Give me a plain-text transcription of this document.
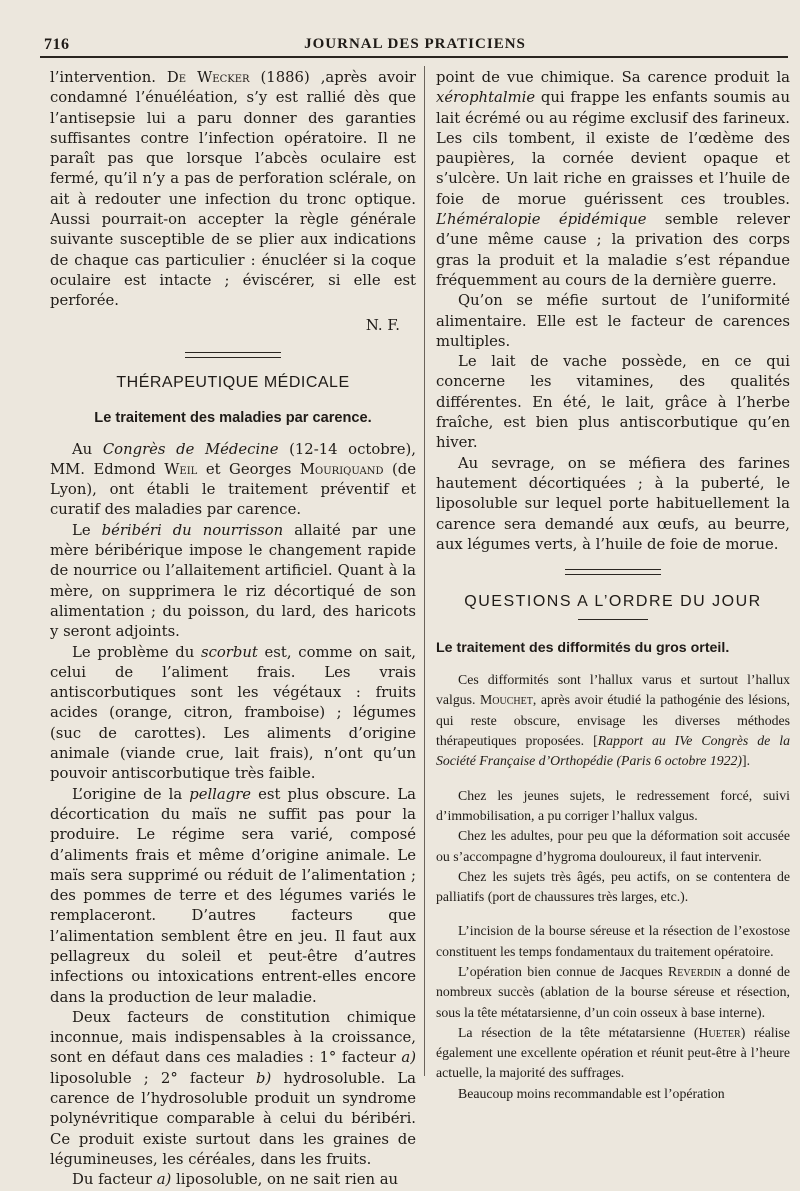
716	JOURNAL DES PRATICIENS

l’intervention. De Wecker (1886) ,après avoir condamné l’énuéléation, s’y est rallié dès que l’antisepsie lui a paru donner des garanties suffisantes contre l’infection opératoire. Il ne paraît pas que lorsque l’abcès oculaire est fermé, qu’il n’y a pas de perforation sclérale, on ait à redouter une infection du tronc optique. Aussi pourrait-on accepter la règle générale suivante susceptible de se plier aux indications de chaque cas particulier : énucléer si la coque oculaire est intacte ; éviscérer, si elle est perforée.

N. F.
THÉRAPEUTIQUE MÉDICALE
Le traitement des maladies par carence.

Au Congrès de Médecine (12-14 octobre), MM. Edmond Weil et Georges Mouriquand (de Lyon), ont établi le traitement préventif et curatif des maladies par carence.

Le béribéri du nourrisson allaité par une mère béribérique impose le changement rapide de nourrice ou l’allaitement artificiel. Quant à la mère, on supprimera le riz décortiqué de son alimentation ; du poisson, du lard, des haricots y seront adjoints.

Le problème du scorbut est, comme on sait, celui de l’aliment frais. Les vrais antiscorbutiques sont les végétaux : fruits acides (orange, citron, framboise) ; légumes (suc de carottes). Les aliments d’origine animale (viande crue, lait frais), n’ont qu’un pouvoir antiscorbutique très faible.

L’origine de la pellagre est plus obscure. La décortication du maïs ne suffit pas pour la produire. Le régime sera varié, composé d’aliments frais et même d’origine animale. Le maïs sera supprimé ou réduit de l’alimentation ; des pommes de terre et des légumes variés le remplaceront. D’autres facteurs que l’alimentation semblent être en jeu. Il faut aux pellagreux du soleil et peut-être d’autres infections ou intoxications entrent-elles encore dans la production de leur maladie.

Deux facteurs de constitution chimique inconnue, mais indispensables à la croissance, sont en défaut dans ces maladies : 1° facteur a) liposoluble ; 2° facteur b) hydrosoluble. La carence de l’hydrosoluble produit un syndrome polynévritique comparable à celui du béribéri. Ce produit existe surtout dans les graines de légumineuses, les céréales, dans les fruits.

Du facteur a) liposoluble, on ne sait rien au

point de vue chimique. Sa carence produit la xérophtalmie qui frappe les enfants soumis au lait écrémé ou au régime exclusif des farineux. Les cils tombent, il existe de l’œdème des paupières, la cornée devient opaque et s’ulcère. Un lait riche en graisses et l’huile de foie de morue guérissent ces troubles. L’héméralopie épidémique semble relever d’une même cause ; la privation des corps gras la produit et la maladie s’est répandue fréquemment au cours de la dernière guerre.

Qu’on se méfie surtout de l’uniformité alimentaire. Elle est le facteur de carences multiples.

Le lait de vache possède, en ce qui concerne les vitamines, des qualités différentes. En été, le lait, grâce à l’herbe fraîche, est bien plus antiscorbutique qu’en hiver.

Au sevrage, on se méfiera des farines hautement décortiquées ; à la puberté, le liposoluble sur lequel porte habituellement la carence sera demandé aux œufs, au beurre, aux légumes verts, à l’huile de foie de morue.

QUESTIONS A L’ORDRE DU JOUR
Le traitement des difformités du gros orteil.

Ces difformités sont l’hallux varus et surtout l’hallux valgus. Mouchet, après avoir étudié la pathogénie des lésions, qui reste obscure, envisage les diverses méthodes thérapeutiques proposées. [Rapport au IVe Congrès de la Société Française d’Orthopédie (Paris 6 octobre 1922)].

Chez les jeunes sujets, le redressement forcé, suivi d’immobilisation, a pu corriger l’hallux valgus.

Chez les adultes, pour peu que la déformation soit accusée ou s’accompagne d’hygroma douloureux, il faut intervenir.

Chez les sujets très âgés, peu actifs, on se contentera de palliatifs (port de chaussures très larges, etc.).

L’incision de la bourse séreuse et la résection de l’exostose constituent les temps fondamentaux du traitement opératoire.

L’opération bien connue de Jacques Reverdin a donné de nombreux succès (ablation de la bourse séreuse et résection, sous la tête métatarsienne, d’un coin osseux à base interne).

La résection de la tête métatarsienne (Hueter) réalise également une excellente opération et réunit peut-être à l’heure actuelle, la majorité des suffrages.

Beaucoup moins recommandable est l’opération
